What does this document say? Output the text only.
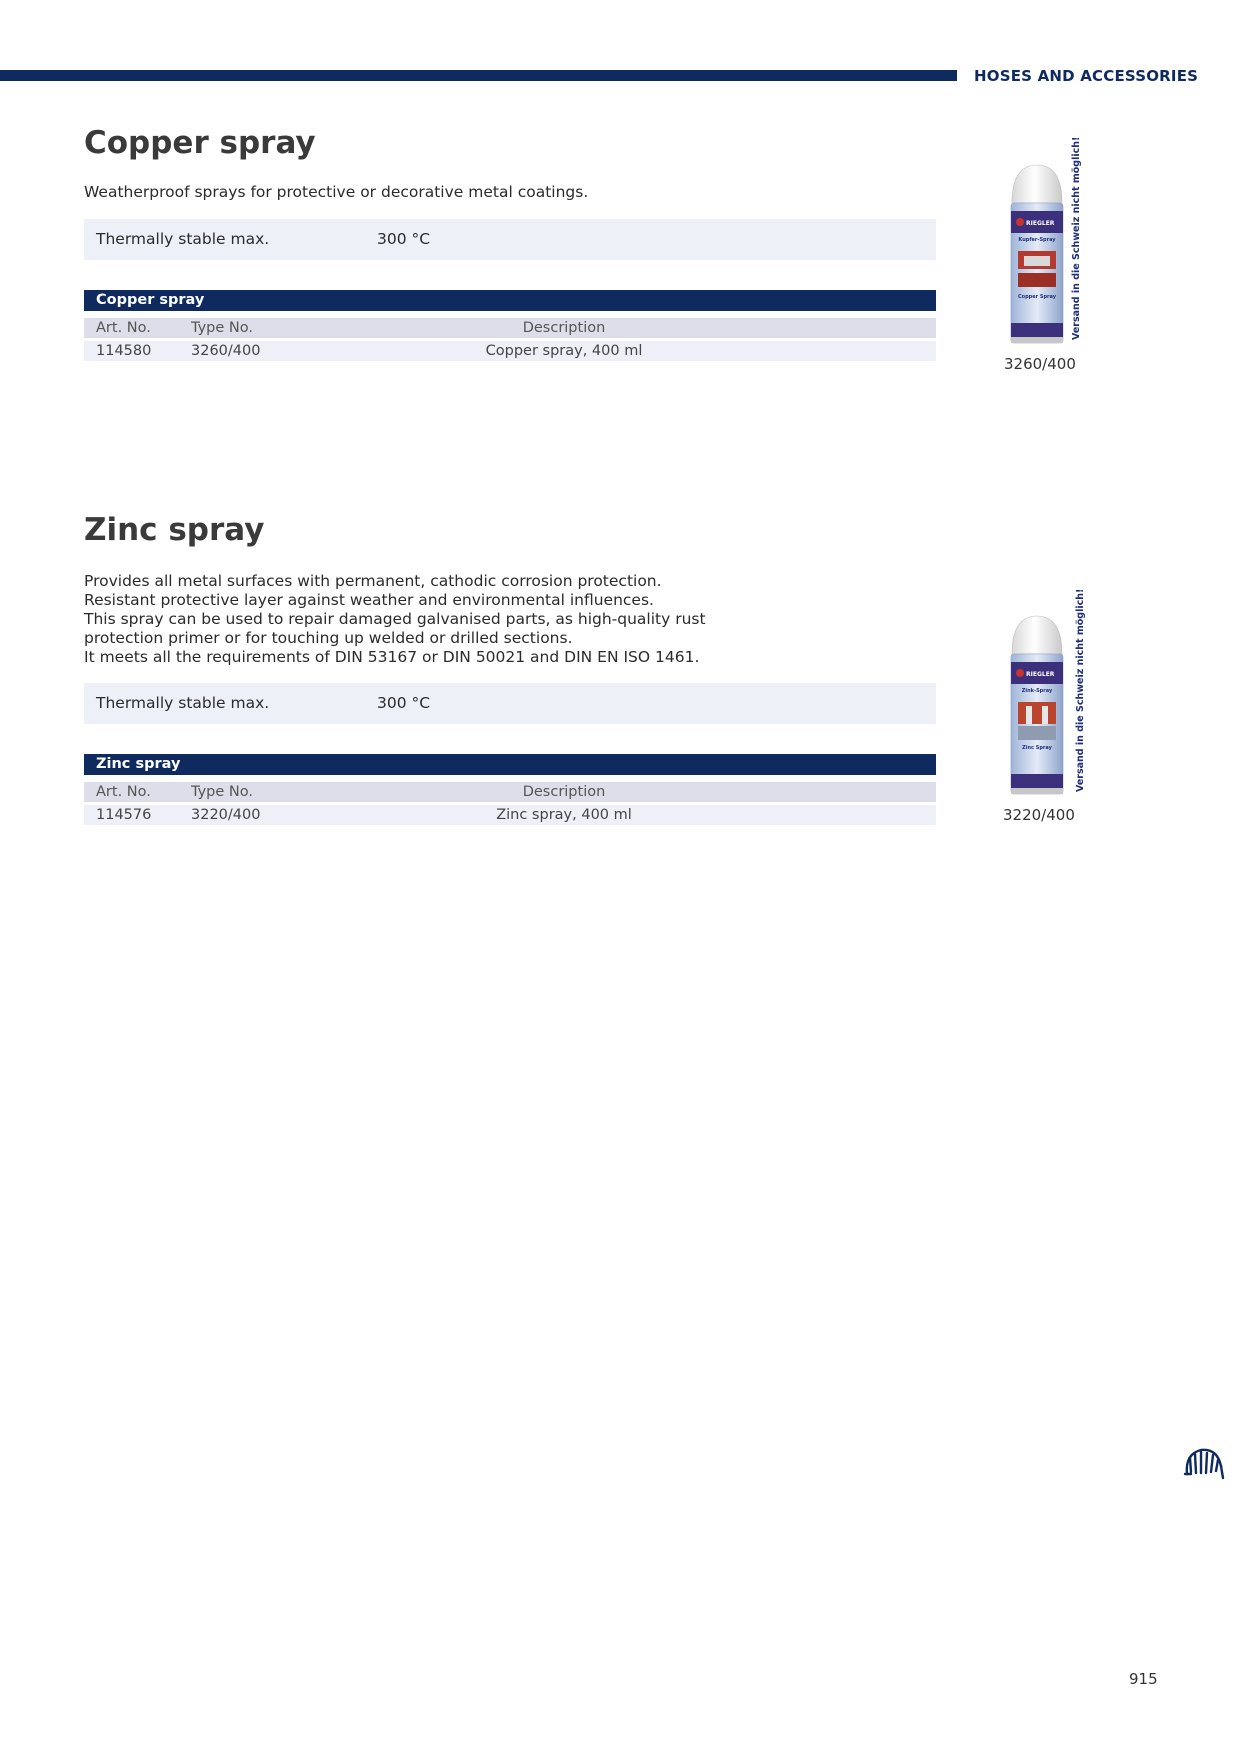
HOSES AND ACCESSORIES
Copper spray
Weatherproof sprays for protective or decorative metal coatings.
Thermally stable max.	300 °C
Copper spray
Art. No.	Type No.	Description
114580	3260/400	Copper spray, 400 ml
RIEGLER
Kupfer-Spray
Copper Spray Versand in die Schweiz nicht möglich!
3260/400
Zinc spray
Provides all metal surfaces with permanent, cathodic corrosion protection.
Resistant protective layer against weather and environmental influences.
This spray can be used to repair damaged galvanised parts, as high-quality rust
protection primer or for touching up welded or drilled sections.
It meets all the requirements of DIN 53167 or DIN 50021 and DIN EN ISO 1461.
Thermally stable max.	300 °C
Zinc spray
Art. No.	Type No.	Description
114576	3220/400	Zinc spray, 400 ml
RIEGLER
Zink-Spray
Zinc Spray Versand in die Schweiz nicht möglich!
3220/400
915
